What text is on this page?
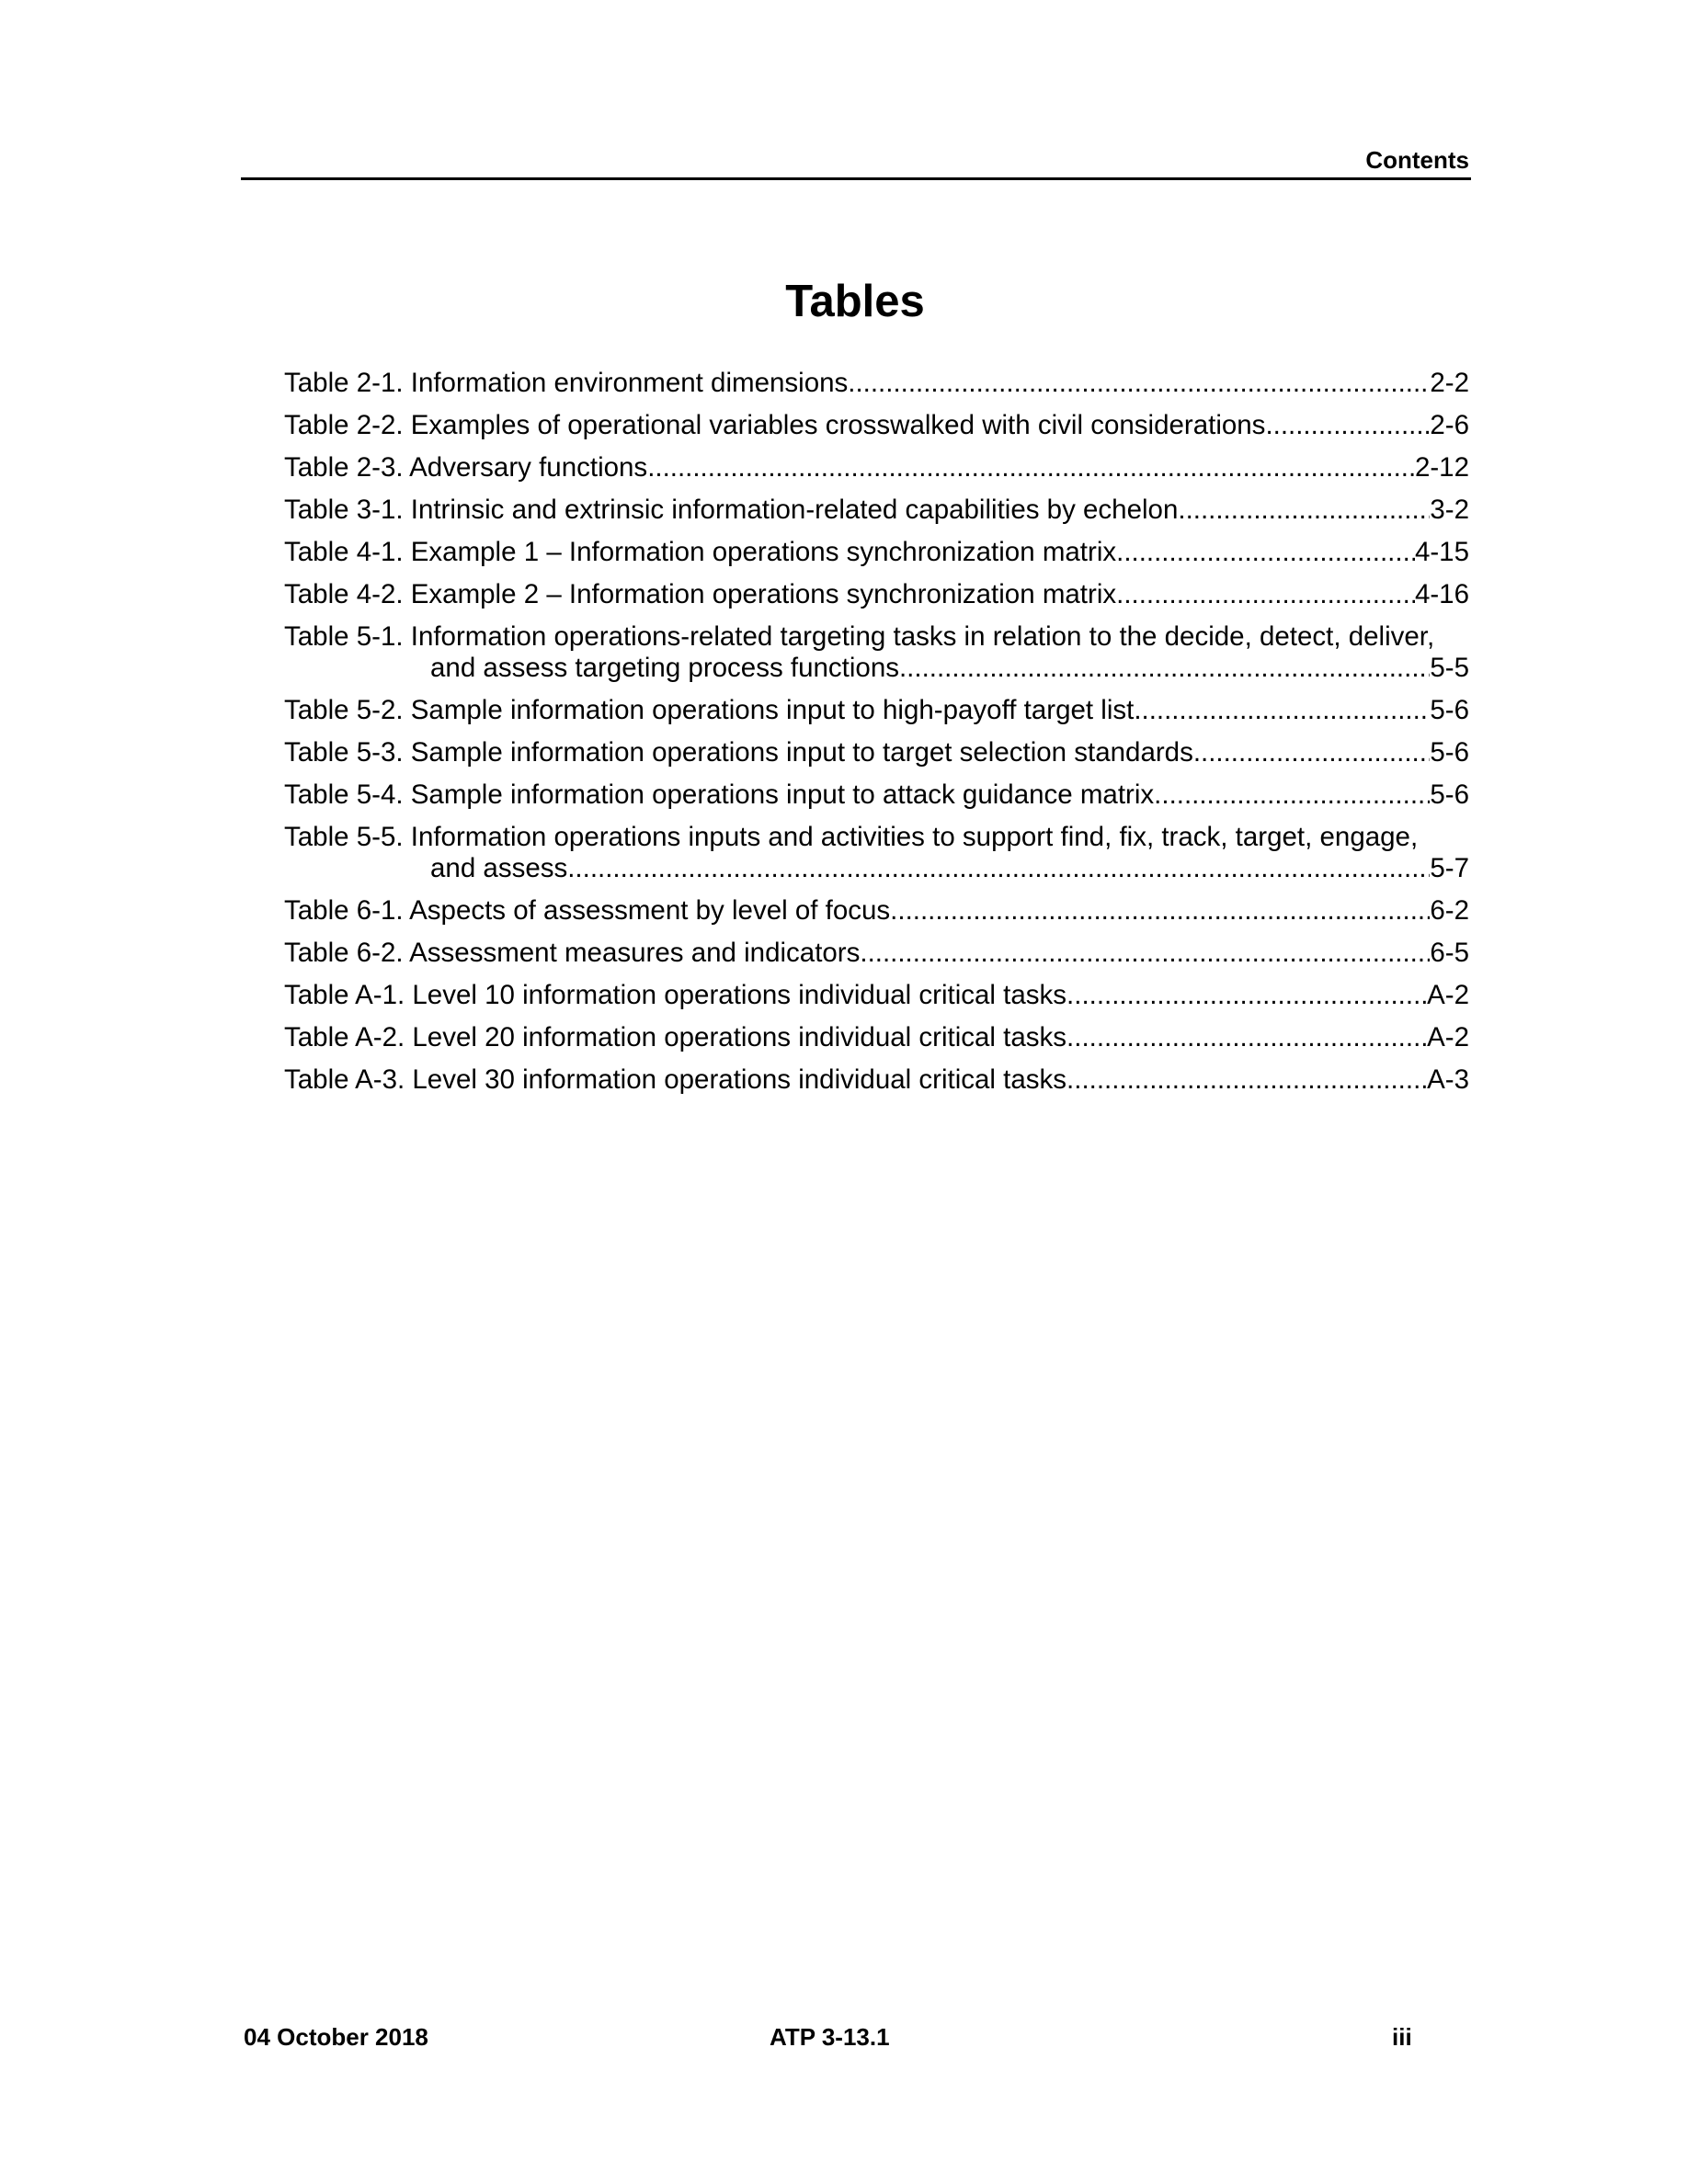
Contents
Tables
Table 2-1. Information environment dimensions .....	2-2
Table 2-2. Examples of operational variables crosswalked with civil considerations .....	2-6
Table 2-3. Adversary functions .....	2-12
Table 3-1. Intrinsic and extrinsic information-related capabilities by echelon .....	3-2
Table 4-1. Example 1 – Information operations synchronization matrix .....	4-15
Table 4-2. Example 2 – Information operations synchronization matrix .....	4-16
Table 5-1. Information operations-related targeting tasks in relation to the decide, detect, deliver,
and assess targeting process functions .....	5-5
Table 5-2. Sample information operations input to high-payoff target list .....	5-6
Table 5-3. Sample information operations input to target selection standards .....	5-6
Table 5-4. Sample information operations input to attack guidance matrix .....	5-6
Table 5-5. Information operations inputs and activities to support find, fix, track, target, engage,
and assess .....	5-7
Table 6-1. Aspects of assessment by level of focus .....	6-2
Table 6-2. Assessment measures and indicators .....	6-5
Table A-1. Level 10 information operations individual critical tasks .....	A-2
Table A-2. Level 20 information operations individual critical tasks .....	A-2
Table A-3. Level 30 information operations individual critical tasks .....	A-3
04 October 2018	ATP 3-13.1	iii
